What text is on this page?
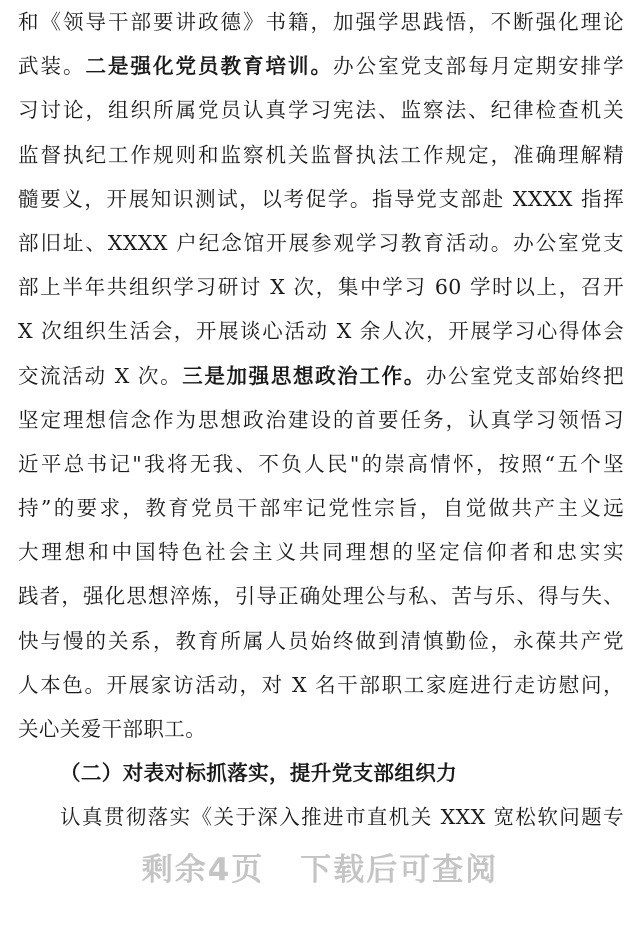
和《领导干部要讲政德》书籍，加强学思践悟，不断强化理论
武装。二是强化党员教育培训。办公室党支部每月定期安排学
习讨论，组织所属党员认真学习宪法、监察法、纪律检查机关
监督执纪工作规则和监察机关监督执法工作规定，准确理解精
髓要义，开展知识测试，以考促学。指导党支部赴 XXXX 指挥
部旧址、XXXX 户纪念馆开展参观学习教育活动。办公室党支
部上半年共组织学习研讨 X 次，集中学习 60 学时以上，召开
X 次组织生活会，开展谈心活动 X 余人次，开展学习心得体会
交流活动 X 次。三是加强思想政治工作。办公室党支部始终把
坚定理想信念作为思想政治建设的首要任务，认真学习领悟习
近平总书记"我将无我、不负人民"的崇高情怀，按照“五个坚
持”的要求，教育党员干部牢记党性宗旨，自觉做共产主义远
大理想和中国特色社会主义共同理想的坚定信仰者和忠实实
践者，强化思想淬炼，引导正确处理公与私、苦与乐、得与失、
快与慢的关系，教育所属人员始终做到清慎勤俭，永葆共产党
人本色。开展家访活动，对 X 名干部职工家庭进行走访慰问，
关心关爱干部职工。
（二）对表对标抓落实，提升党支部组织力
认真贯彻落实《关于深入推进市直机关 XXX 宽松软问题专
剩余4页 下载后可查阅
